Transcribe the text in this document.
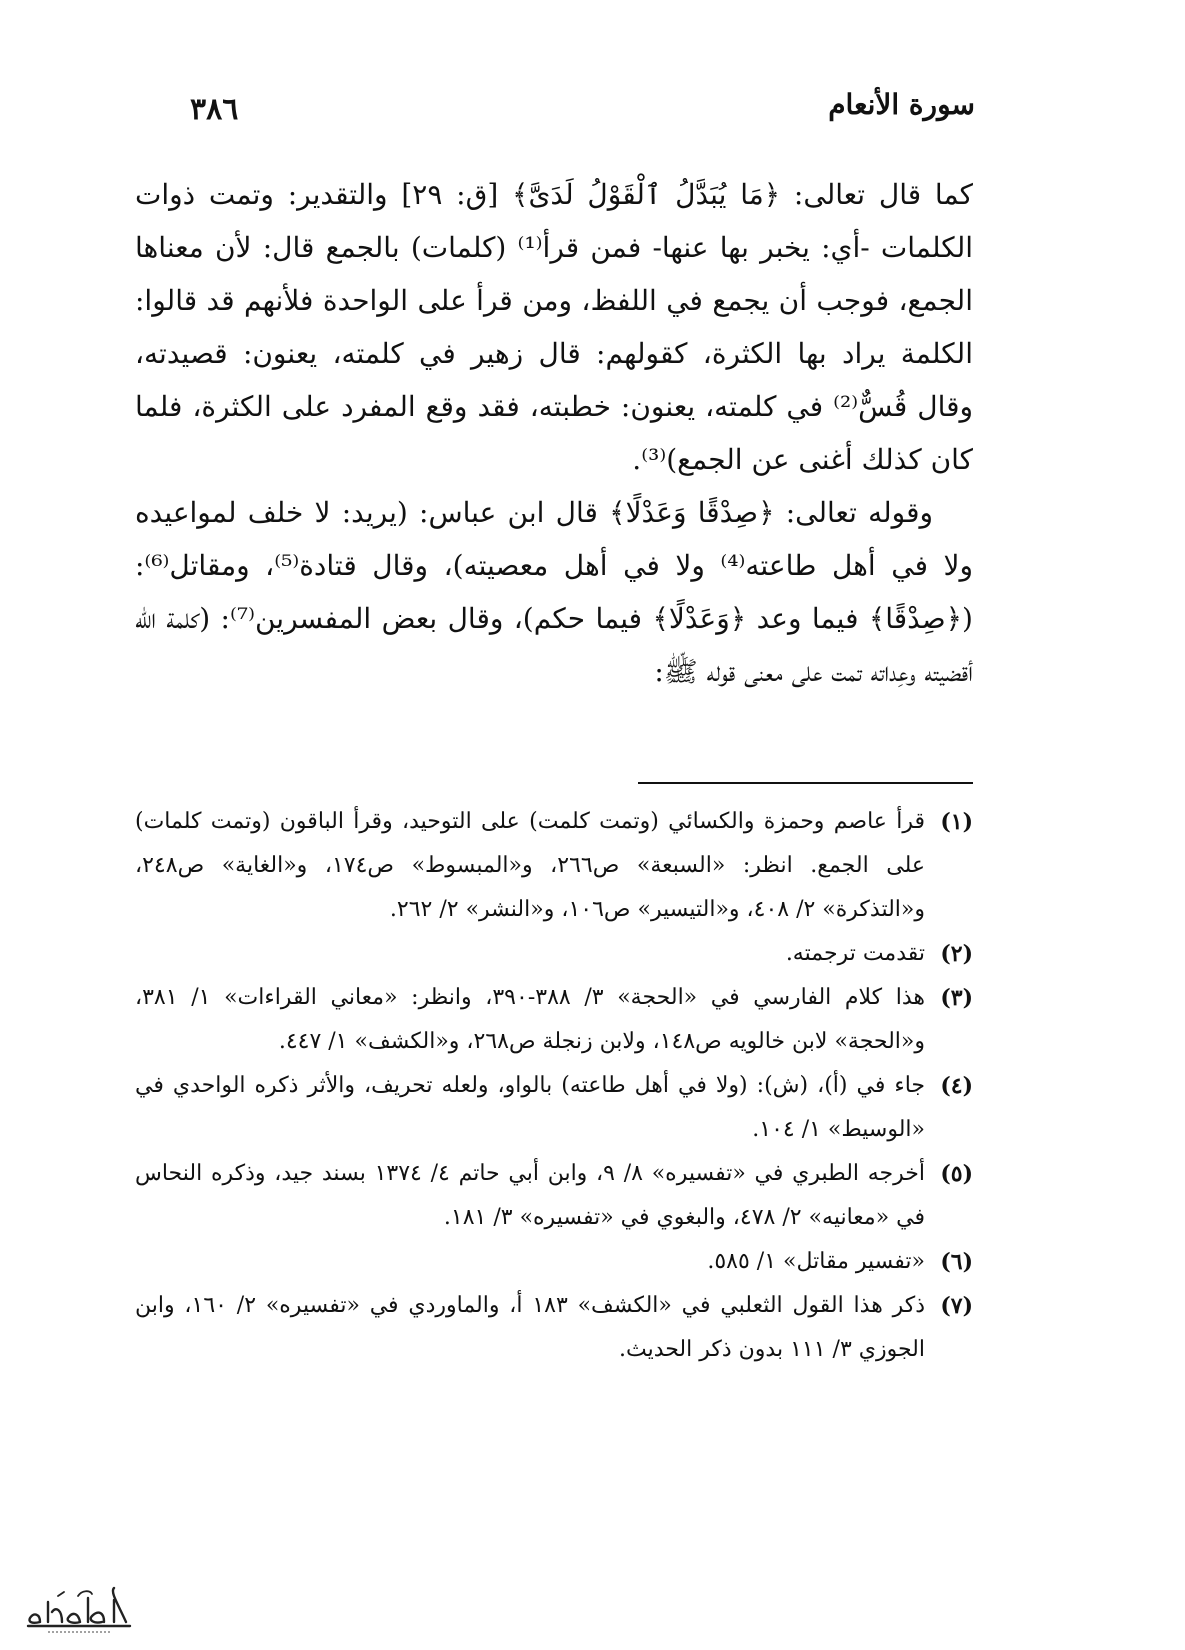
سورة الأنعام
٣٨٦

كما قال تعالى: ﴿مَا يُبَدَّلُ ٱلْقَوْلُ لَدَىَّ﴾ [ق: ٢٩] والتقدير: وتمت ذوات الكلمات -أي: يخبر بها عنها- فمن قرأ⁽¹⁾ (كلمات) بالجمع قال: لأن معناها الجمع، فوجب أن يجمع في اللفظ، ومن قرأ على الواحدة فلأنهم قد قالوا: الكلمة يراد بها الكثرة، كقولهم: قال زهير في كلمته، يعنون: قصيدته، وقال قُسٌّ⁽²⁾ في كلمته، يعنون: خطبته، فقد وقع المفرد على الكثرة، فلما كان كذلك أغنى عن الجمع)⁽³⁾.

وقوله تعالى: ﴿صِدْقًا وَعَدْلًا﴾ قال ابن عباس: (يريد: لا خلف لمواعيده ولا في أهل طاعته⁽⁴⁾ ولا في أهل معصيته)، وقال قتادة⁽⁵⁾، ومقاتل⁽⁶⁾: (﴿صِدْقًا﴾ فيما وعد ﴿وَعَدْلًا﴾ فيما حكم)، وقال بعض المفسرين⁽⁷⁾: (كلمة الله أقضيته وعِداته تمت على معنى قوله ﷺ:

(١)
قرأ عاصم وحمزة والكسائي (وتمت كلمت) على التوحيد، وقرأ الباقون (وتمت كلمات) على الجمع. انظر: «السبعة» ص٢٦٦، و«المبسوط» ص١٧٤، و«الغاية» ص٢٤٨، و«التذكرة» ٢/ ٤٠٨، و«التيسير» ص١٠٦، و«النشر» ٢/ ٢٦٢.
(٢)
تقدمت ترجمته.
(٣)
هذا كلام الفارسي في «الحجة» ٣/ ٣٨٨-٣٩٠، وانظر: «معاني القراءات» ١/ ٣٨١، و«الحجة» لابن خالويه ص١٤٨، ولابن زنجلة ص٢٦٨، و«الكشف» ١/ ٤٤٧.
(٤)
جاء في (أ)، (ش): (ولا في أهل طاعته) بالواو، ولعله تحريف، والأثر ذكره الواحدي في «الوسيط» ١/ ١٠٤.
(٥)
أخرجه الطبري في «تفسيره» ٨/ ٩، وابن أبي حاتم ٤/ ١٣٧٤ بسند جيد، وذكره النحاس في «معانيه» ٢/ ٤٧٨، والبغوي في «تفسيره» ٣/ ١٨١.
(٦)
«تفسير مقاتل» ١/ ٥٨٥.
(٧)
ذكر هذا القول الثعلبي في «الكشف» ١٨٣ أ، والماوردي في «تفسيره» ٢/ ١٦٠، وابن الجوزي ٣/ ١١١ بدون ذكر الحديث.
